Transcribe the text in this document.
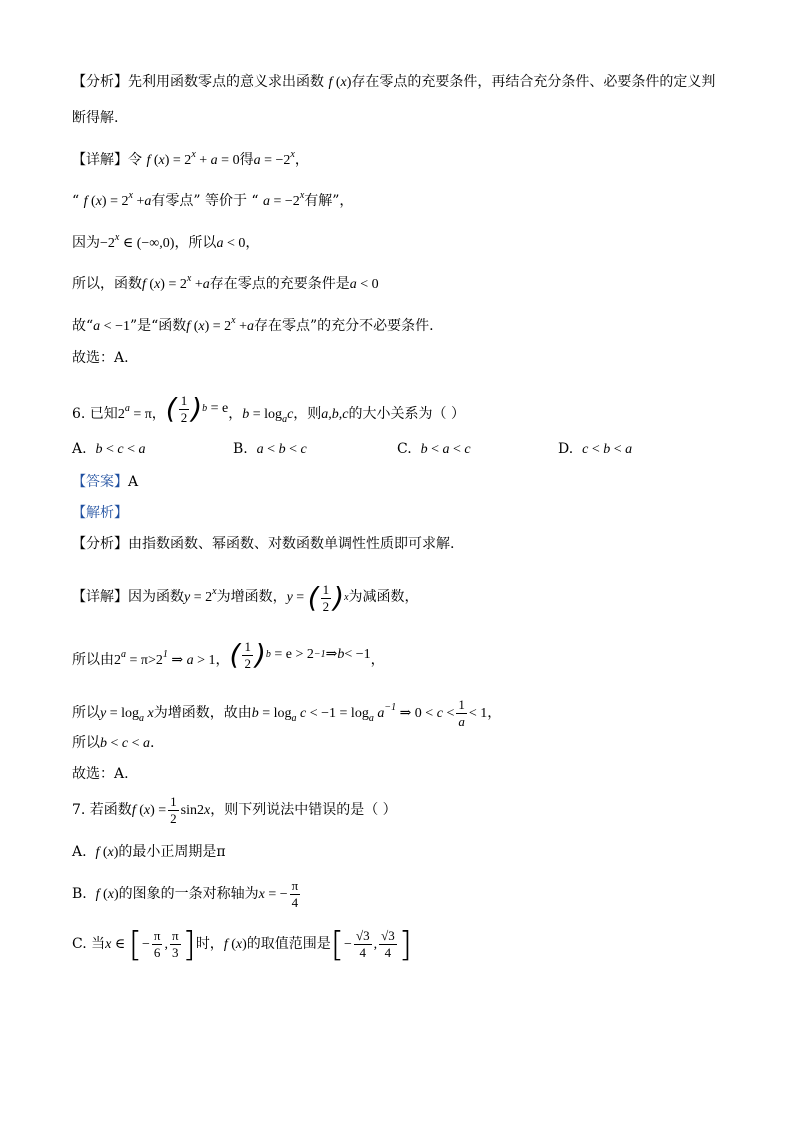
【分析】先利用函数零点的意义求出函数 f (x)存在零点的充要条件，再结合充分条件、必要条件的定义判
断得解.
【详解】令 f $(x) = 2^x + a = 0$得$a = -2^x$，
“ f $(x) = 2^x +a$有零点” 等价于 “ $a = -2^x$有解”，
因为$-2^x$ ∈ (−∞,0)，所以a < 0，
所以，函数f $(x) = 2^x +a$存在零点的充要条件是a < 0
故“a < −1”是“函数f $(x) = 2^x +a$存在零点”的充分不必要条件.
故选：A.
6. 已知$2^a = \pi$， ( $\frac{1}{2}$ ) b
= e ，$b = \log_ac$，则a,b,c的大小关系为（ ）
A. b < c < a	B. a < b < c	C. b < a < c	D. c < b < a
【答案】A
【解析】
【分析】由指数函数、幂函数、对数函数单调性性质即可求解.
【详解】因为函数$y = 2^x$为增函数，y = ( $\frac{1}{2}$ ) x 为减函数，
所以由$2^a = \pi>2^1$ ⇒ a > 1， ( $\frac{1}{2}$ ) b
= e > 2 −1 ⇒ b < −1 ，
所以$y = \log_a x$为增函数，故由$b = \log_a c < -1 = \log_a a^{-1}$ ⇒ $0 < c < \frac{1}{a} < 1$，
所以b < c < a.
故选：A.
7. 若函数f $(x) = \frac{1}{2} \sin 2x$，则下列说法中错误的是（ ）
A. f (x)的最小正周期是π
B. f (x)的图象的一条对称轴为x = − $\frac{\pi}{4}$
C. 当x ∈ [− $\frac{\pi}{6}$ , $\frac{\pi}{3}$ ]时，f (x)的取值范围是[− $\frac{√3}{4}$ , $\frac{√3}{4}$ ]
